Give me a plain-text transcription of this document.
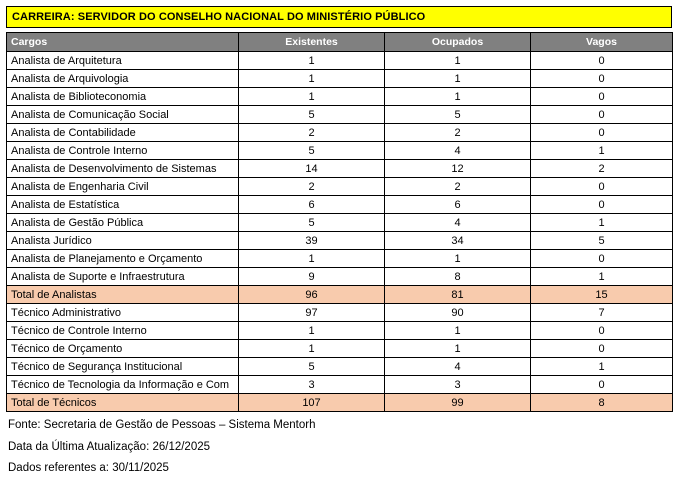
CARREIRA: SERVIDOR DO CONSELHO NACIONAL DO MINISTÉRIO PÚBLICO
Cargos	Existentes	Ocupados	Vagos
Analista de Arquitetura	1	1	0
Analista de Arquivologia	1	1	0
Analista de Biblioteconomia	1	1	0
Analista de Comunicação Social	5	5	0
Analista de Contabilidade	2	2	0
Analista de Controle Interno	5	4	1
Analista de Desenvolvimento de Sistemas	14	12	2
Analista de Engenharia Civil	2	2	0
Analista de Estatística	6	6	0
Analista de Gestão Pública	5	4	1
Analista Jurídico	39	34	5
Analista de Planejamento e Orçamento	1	1	0
Analista de Suporte e Infraestrutura	9	8	1
Total de Analistas	96	81	15
Técnico Administrativo	97	90	7
Técnico de Controle Interno	1	1	0
Técnico de Orçamento	1	1	0
Técnico de Segurança Institucional	5	4	1
Técnico de Tecnologia da Informação e Com	3	3	0
Total de Técnicos	107	99	8
Fonte: Secretaria de Gestão de Pessoas – Sistema Mentorh
Data da Última Atualização: 26/12/2025
Dados referentes a: 30/11/2025
